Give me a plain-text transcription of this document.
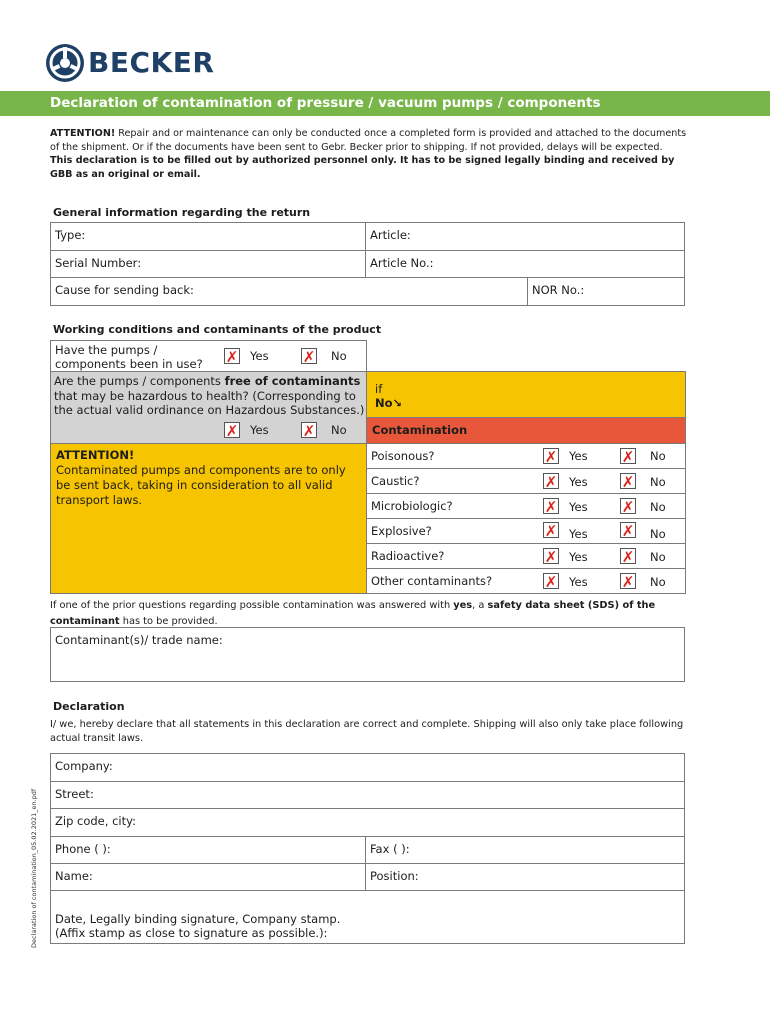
BECKER
Declaration of contamination of pressure / vacuum pumps / components
ATTENTION! Repair and or maintenance can only be conducted once a completed form is provided and attached to the documents of the shipment. Or if the documents have been sent to Gebr. Becker prior to shipping. If not provided, delays will be expected.
This declaration is to be filled out by authorized personnel only. It has to be signed legally binding and received by GBB as an original or email.
General information regarding the return
Type:	Article:
Serial Number:	Article No.:
Cause for sending back:	NOR No.:
Working conditions and contaminants of the product
Have the pumps /
components been in use?	✗ Yes ✗ No
Are the pumps / components free of contaminants
that may be hazardous to health? (Corresponding to
the actual valid ordinance on Hazardous Substances.)
✗ Yes ✗ No
if
No↘
Contamination
ATTENTION!
Contaminated pumps and components are to only be sent back, taking in consideration to all valid transport laws.
Poisonous?	✗ Yes ✗ No
Caustic?	✗ Yes ✗ No
Microbiologic?	✗ Yes ✗ No
Explosive?	✗ Yes ✗ No
Radioactive?	✗ Yes ✗ No
Other contaminants?	✗ Yes ✗ No
If one of the prior questions regarding possible contamination was answered with yes, a safety data sheet (SDS) of the contaminant has to be provided.
Contaminant(s)/ trade name:
Declaration
I/ we, hereby declare that all statements in this declaration are correct and complete. Shipping will also only take place following actual transit laws.
Company:
Street:
Zip code, city:
Phone ( ):	Fax ( ):
Name:	Position:
Date, Legally binding signature, Company stamp.
(Affix stamp as close to signature as possible.):
Declaration of contamination_05.02.2021_en.pdf
